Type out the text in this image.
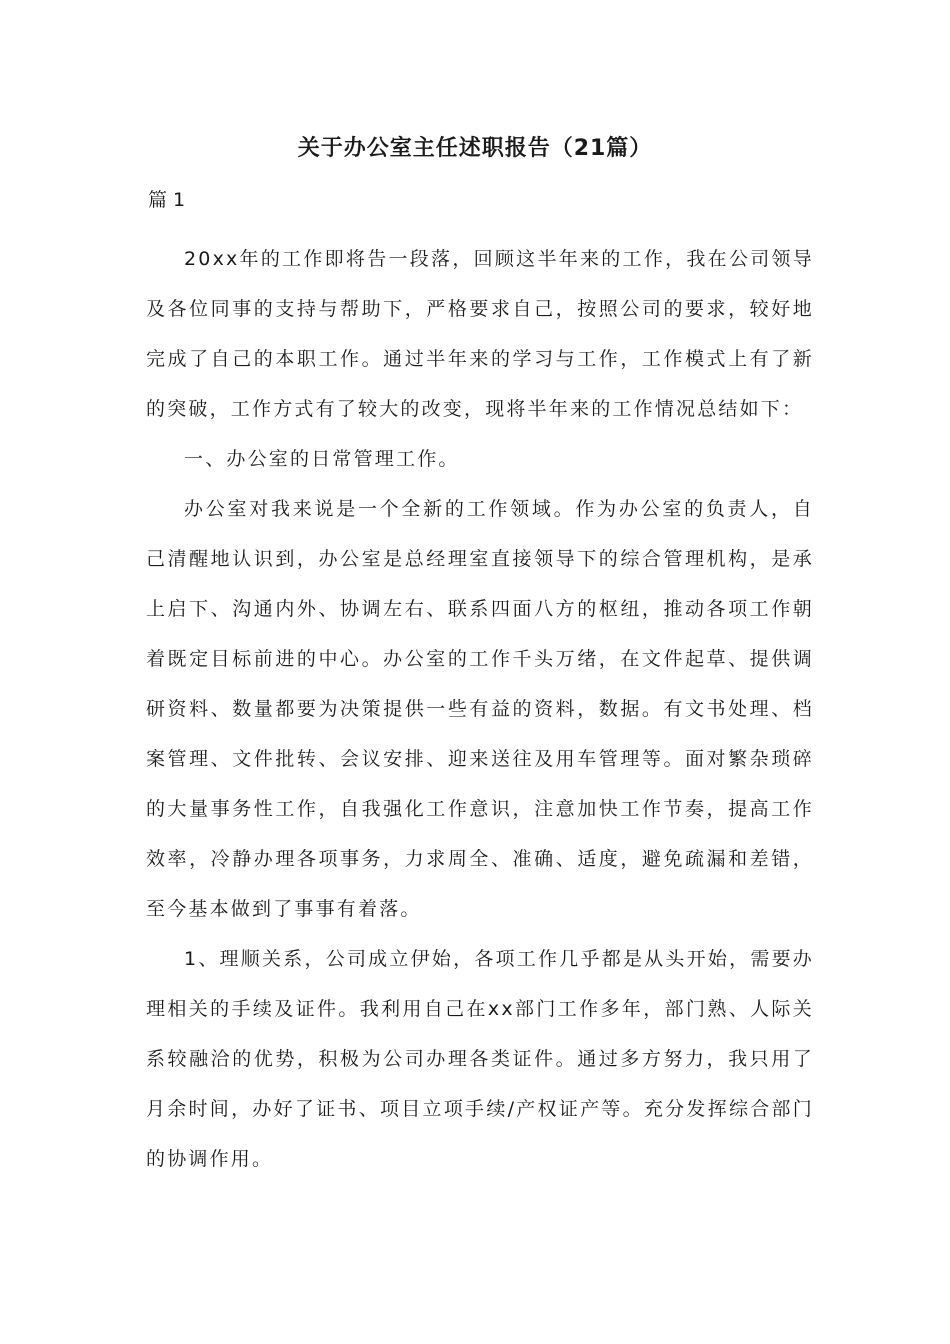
关于办公室主任述职报告（21篇）
篇 1

20xx年的工作即将告一段落，回顾这半年来的工作，我在公司领导及各位同事的支持与帮助下，严格要求自己，按照公司的要求，较好地完成了自己的本职工作。通过半年来的学习与工作，工作模式上有了新的突破，工作方式有了较大的改变，现将半年来的工作情况总结如下：

一、办公室的日常管理工作。

办公室对我来说是一个全新的工作领域。作为办公室的负责人，自己清醒地认识到，办公室是总经理室直接领导下的综合管理机构，是承上启下、沟通内外、协调左右、联系四面八方的枢纽，推动各项工作朝着既定目标前进的中心。办公室的工作千头万绪，在文件起草、提供调研资料、数量都要为决策提供一些有益的资料，数据。有文书处理、档案管理、文件批转、会议安排、迎来送往及用车管理等。面对繁杂琐碎的大量事务性工作，自我强化工作意识，注意加快工作节奏，提高工作效率，冷静办理各项事务，力求周全、准确、适度，避免疏漏和差错，至今基本做到了事事有着落。

1、理顺关系，公司成立伊始，各项工作几乎都是从头开始，需要办理相关的手续及证件。我利用自己在xx部门工作多年，部门熟、人际关系较融洽的优势，积极为公司办理各类证件。通过多方努力，我只用了月余时间，办好了证书、项目立项手续/产权证产等。充分发挥综合部门的协调作用。
